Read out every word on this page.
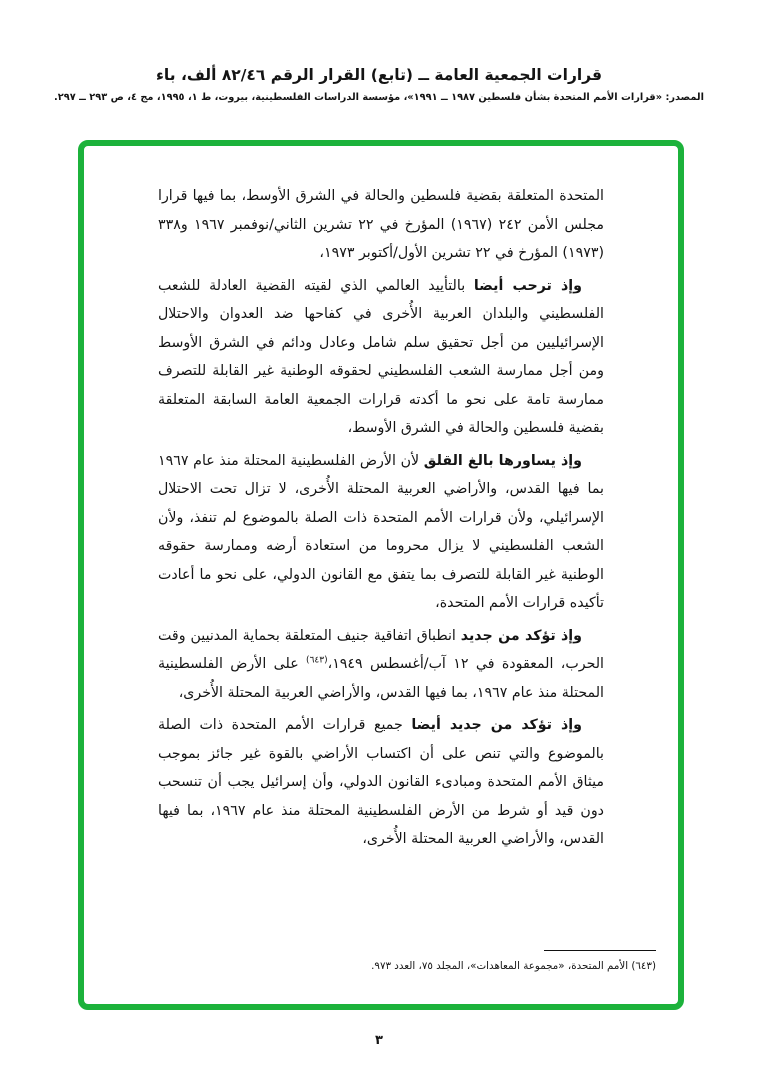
قرارات الجمعية العامة ــ (تابع) القرار الرقم ٨٢/٤٦ ألف، باء
المصدر: «قرارات الأمم المتحدة بشأن فلسطين ١٩٨٧ ــ ١٩٩١»، مؤسسة الدراسات الفلسطينية، بيروت، ط ١، ١٩٩٥، مج ٤، ص ٢٩٣ ــ ٢٩٧.

المتحدة المتعلقة بقضية فلسطين والحالة في الشرق الأوسط، بما فيها قرارا مجلس الأمن ٢٤٢ (١٩٦٧) المؤرخ في ٢٢ تشرين الثاني/نوفمبر ١٩٦٧ و٣٣٨ (١٩٧٣) المؤرخ في ٢٢ تشرين الأول/أكتوبر ١٩٧٣،

وإذ ترحب أيضا بالتأييد العالمي الذي لقيته القضية العادلة للشعب الفلسطيني والبلدان العربية الأُخرى في كفاحها ضد العدوان والاحتلال الإسرائيليين من أجل تحقيق سلم شامل وعادل ودائم في الشرق الأوسط ومن أجل ممارسة الشعب الفلسطيني لحقوقه الوطنية غير القابلة للتصرف ممارسة تامة على نحو ما أكدته قرارات الجمعية العامة السابقة المتعلقة بقضية فلسطين والحالة في الشرق الأوسط،

وإذ يساورها بالغ القلق لأن الأرض الفلسطينية المحتلة منذ عام ١٩٦٧ بما فيها القدس، والأراضي العربية المحتلة الأُخرى، لا تزال تحت الاحتلال الإسرائيلي، ولأن قرارات الأمم المتحدة ذات الصلة بالموضوع لم تنفذ، ولأن الشعب الفلسطيني لا يزال محروما من استعادة أرضه وممارسة حقوقه الوطنية غير القابلة للتصرف بما يتفق مع القانون الدولي، على نحو ما أعادت تأكيده قرارات الأمم المتحدة،

وإذ تؤكد من جديد انطباق اتفاقية جنيف المتعلقة بحماية المدنيين وقت الحرب، المعقودة في ١٢ آب/أغسطس ١٩٤٩،$^{(٦٤٣)}$ على الأرض الفلسطينية المحتلة منذ عام ١٩٦٧، بما فيها القدس، والأراضي العربية المحتلة الأُخرى،

وإذ تؤكد من جديد أيضا جميع قرارات الأمم المتحدة ذات الصلة بالموضوع والتي تنص على أن اكتساب الأراضي بالقوة غير جائز بموجب ميثاق الأمم المتحدة ومبادىء القانون الدولي، وأن إسرائيل يجب أن تنسحب دون قيد أو شرط من الأرض الفلسطينية المحتلة منذ عام ١٩٦٧، بما فيها القدس، والأراضي العربية المحتلة الأُخرى،

(٦٤٣) الأمم المتحدة، «مجموعة المعاهدات»، المجلد ٧٥، العدد ٩٧٣.
٣
